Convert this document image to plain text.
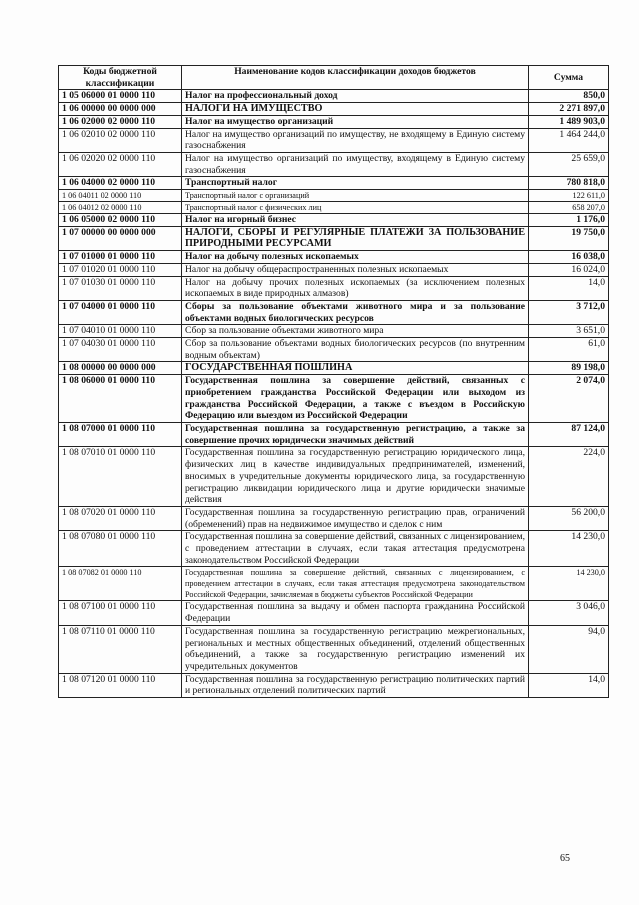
Коды бюджетной классификации	Наименование кодов классификации доходов бюджетов	Сумма
1 05 06000 01 0000 110	Налог на профессиональный доход	850,0
1 06 00000 00 0000 000	НАЛОГИ НА ИМУЩЕСТВО	2 271 897,0
1 06 02000 02 0000 110	Налог на имущество организаций	1 489 903,0
1 06 02010 02 0000 110	Налог на имущество организаций по имуществу, не входящему в Единую систему газоснабжения	1 464 244,0
1 06 02020 02 0000 110	Налог на имущество организаций по имуществу, входящему в Единую систему газоснабжения	25 659,0
1 06 04000 02 0000 110	Транспортный налог	780 818,0
1 06 04011 02 0000 110	Транспортный налог с организаций	122 611,0
1 06 04012 02 0000 110	Транспортный налог с физических лиц	658 207,0
1 06 05000 02 0000 110	Налог на игорный бизнес	1 176,0
1 07 00000 00 0000 000	НАЛОГИ, СБОРЫ И РЕГУЛЯРНЫЕ ПЛАТЕЖИ ЗА ПОЛЬЗОВАНИЕ ПРИРОДНЫМИ РЕСУРСАМИ	19 750,0
1 07 01000 01 0000 110	Налог на добычу полезных ископаемых	16 038,0
1 07 01020 01 0000 110	Налог на добычу общераспространенных полезных ископаемых	16 024,0
1 07 01030 01 0000 110	Налог на добычу прочих полезных ископаемых (за исключением полезных ископаемых в виде природных алмазов)	14,0
1 07 04000 01 0000 110	Сборы за пользование объектами животного мира и за пользование объектами водных биологических ресурсов	3 712,0
1 07 04010 01 0000 110	Сбор за пользование объектами животного мира	3 651,0
1 07 04030 01 0000 110	Сбор за пользование объектами водных биологических ресурсов (по внутренним водным объектам)	61,0
1 08 00000 00 0000 000	ГОСУДАРСТВЕННАЯ ПОШЛИНА	89 198,0
1 08 06000 01 0000 110	Государственная пошлина за совершение действий, связанных с приобретением гражданства Российской Федерации или выходом из гражданства Российской Федерации, а также с въездом в Российскую Федерацию или выездом из Российской Федерации	2 074,0
1 08 07000 01 0000 110	Государственная пошлина за государственную регистрацию, а также за совершение прочих юридически значимых действий	87 124,0
1 08 07010 01 0000 110	Государственная пошлина за государственную регистрацию юридического лица, физических лиц в качестве индивидуальных предпринимателей, изменений, вносимых в учредительные документы юридического лица, за государственную регистрацию ликвидации юридического лица и другие юридически значимые действия	224,0
1 08 07020 01 0000 110	Государственная пошлина за государственную регистрацию прав, ограничений (обременений) прав на недвижимое имущество и сделок с ним	56 200,0
1 08 07080 01 0000 110	Государственная пошлина за совершение действий, связанных с лицензированием, с проведением аттестации в случаях, если такая аттестация предусмотрена законодательством Российской Федерации	14 230,0
1 08 07082 01 0000 110	Государственная пошлина за совершение действий, связанных с лицензированием, с проведением аттестации в случаях, если такая аттестация предусмотрена законодательством Российской Федерации, зачисляемая в бюджеты субъектов Российской Федерации	14 230,0
1 08 07100 01 0000 110	Государственная пошлина за выдачу и обмен паспорта гражданина Российской Федерации	3 046,0
1 08 07110 01 0000 110	Государственная пошлина за государственную регистрацию межрегиональных, региональных и местных общественных объединений, отделений общественных объединений, а также за государственную регистрацию изменений их учредительных документов	94,0
1 08 07120 01 0000 110	Государственная пошлина за государственную регистрацию политических партий и региональных отделений политических партий	14,0
65
